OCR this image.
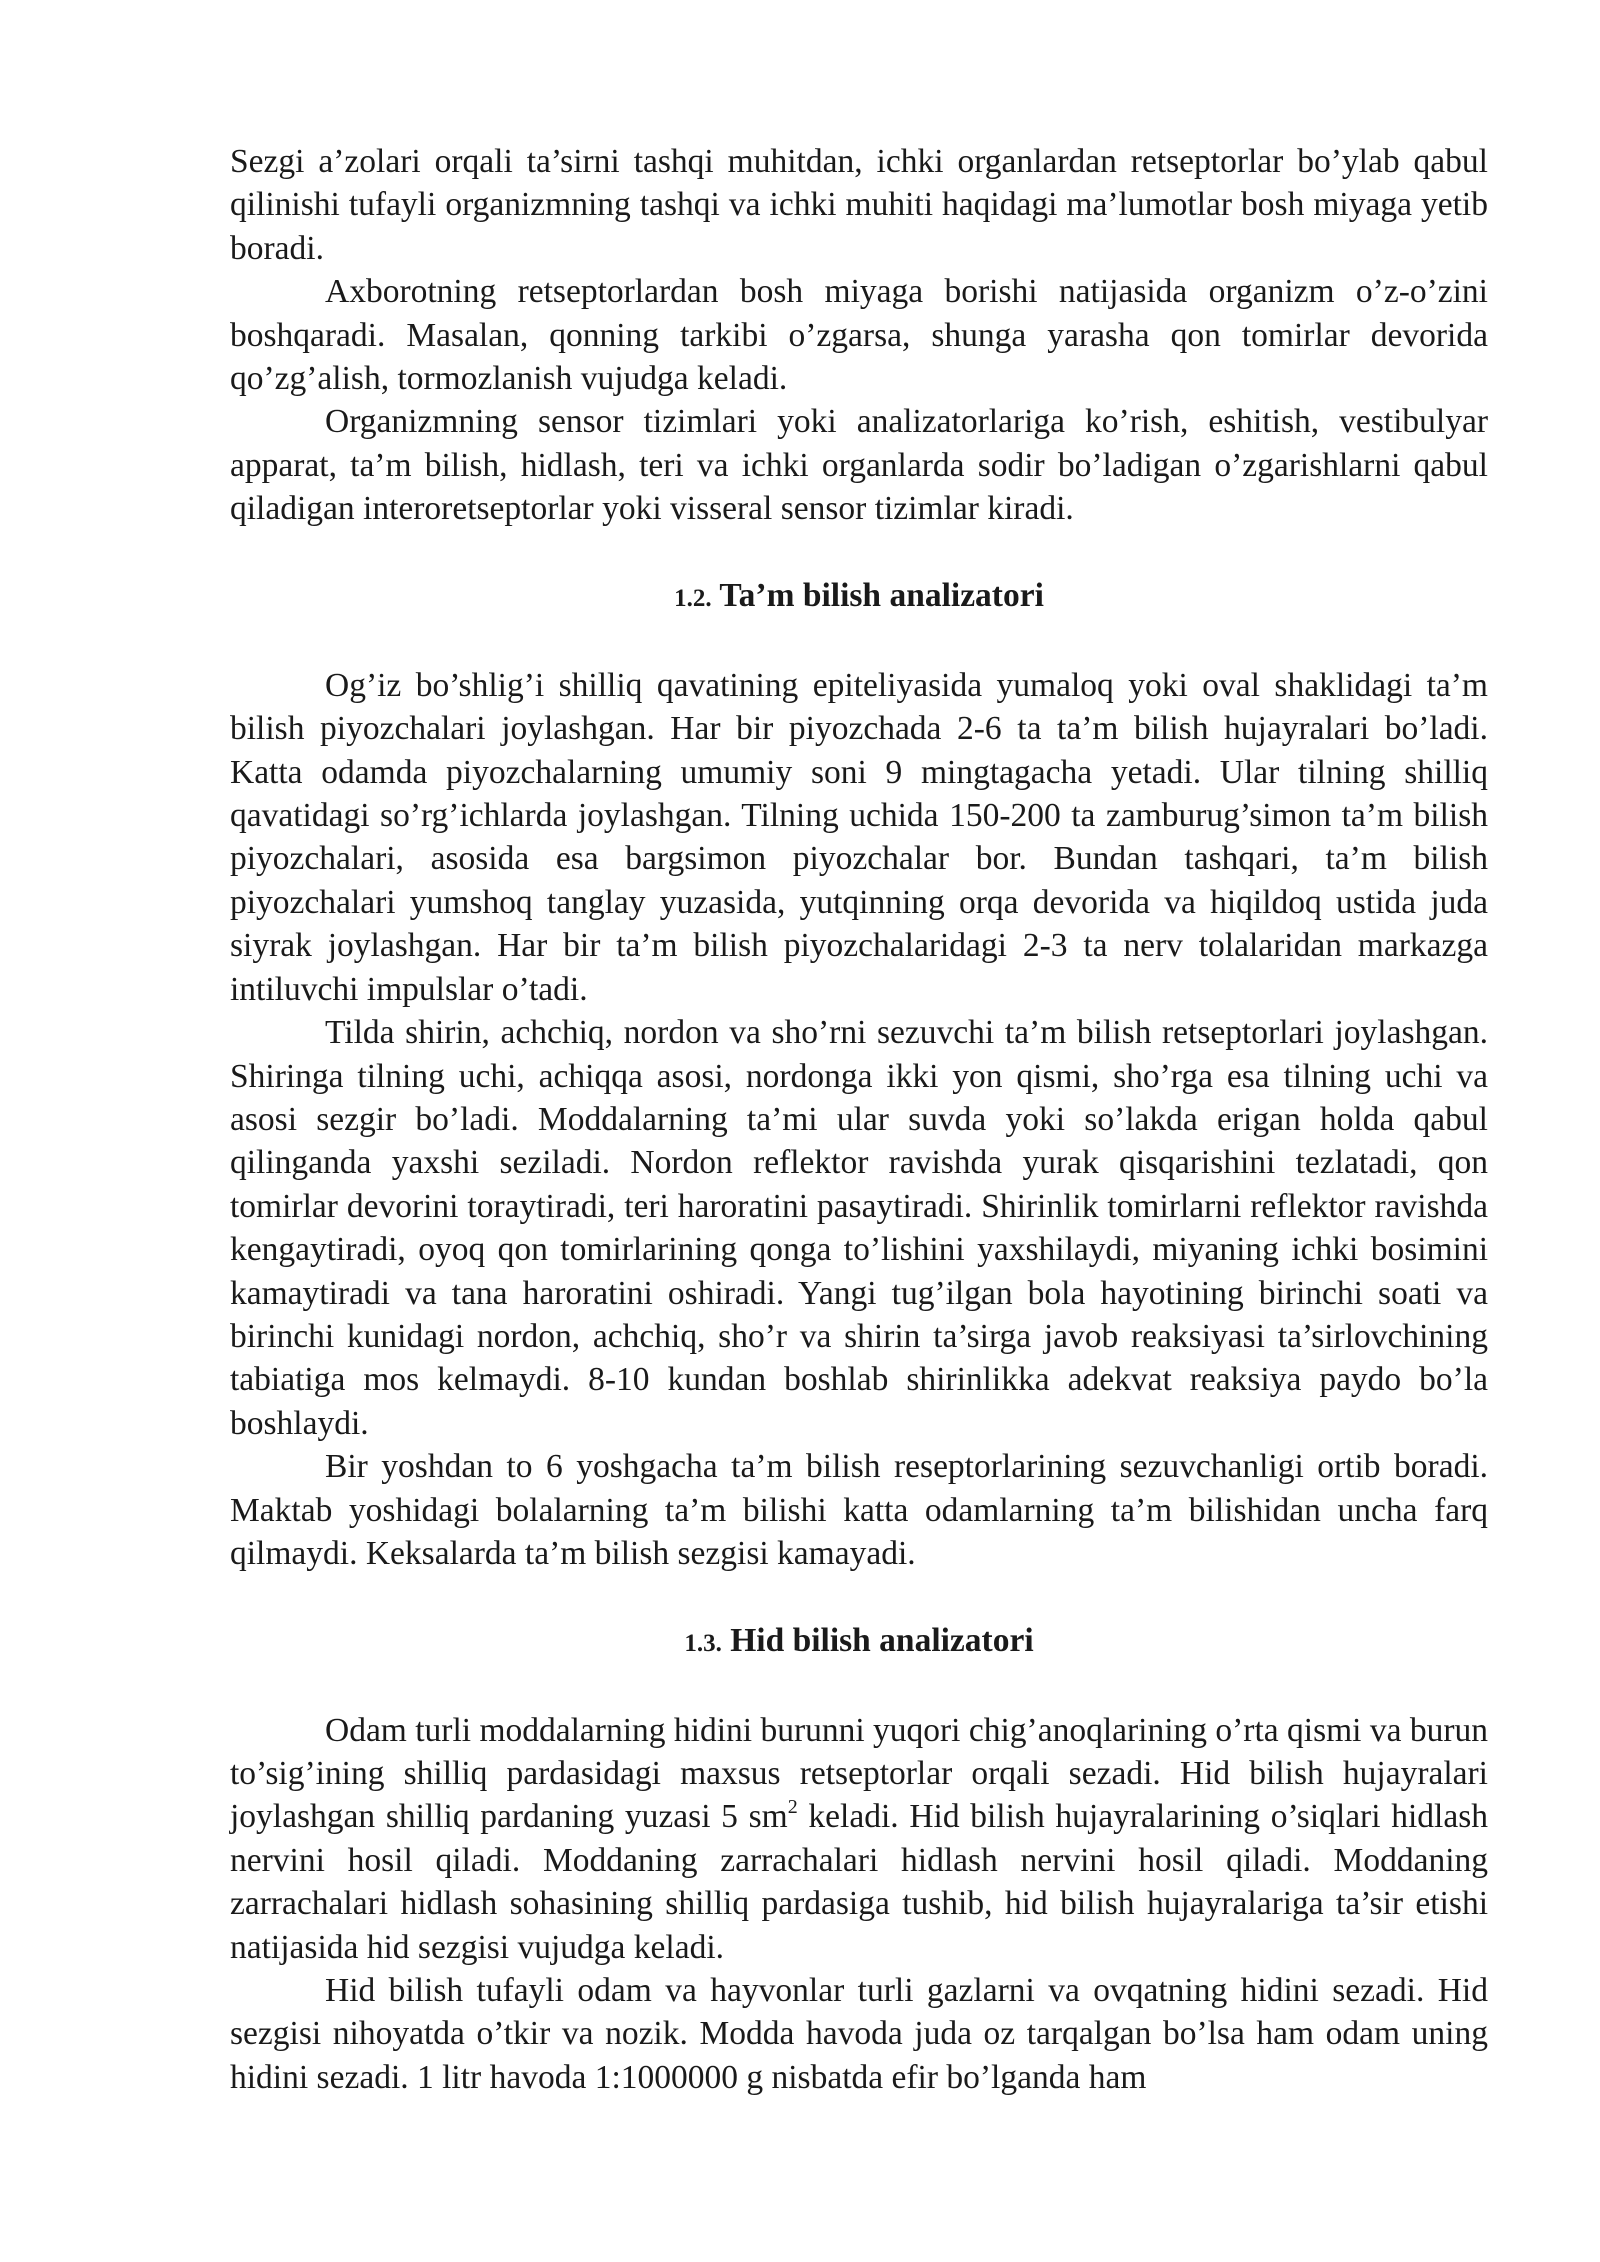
Sezgi a’zolari orqali ta’sirni tashqi muhitdan, ichki organlardan retseptorlar bo’ylab qabul qilinishi tufayli organizmning tashqi va ichki muhiti haqidagi ma’lumotlar bosh miyaga yetib boradi.

Axborotning retseptorlardan bosh miyaga borishi natijasida organizm o’z-o’zini boshqaradi. Masalan, qonning tarkibi o’zgarsa, shunga yarasha qon tomirlar devorida qo’zg’alish, tormozlanish vujudga keladi.

Organizmning sensor tizimlari yoki analizatorlariga ko’rish, eshitish, vestibulyar apparat, ta’m bilish, hidlash, teri va ichki organlarda sodir bo’ladigan o’zgarishlarni qabul qiladigan interoretseptorlar yoki visseral sensor tizimlar kiradi.

1.2. Ta’m bilish analizatori

Og’iz bo’shlig’i shilliq qavatining epiteliyasida yumaloq yoki oval shaklidagi ta’m bilish piyozchalari joylashgan. Har bir piyozchada 2-6 ta ta’m bilish hujayralari bo’ladi. Katta odamda piyozchalarning umumiy soni 9 mingtagacha yetadi. Ular tilning shilliq qavatidagi so’rg’ichlarda joylashgan. Tilning uchida 150-200 ta zamburug’simon ta’m bilish piyozchalari, asosida esa bargsimon piyozchalar bor. Bundan tashqari, ta’m bilish piyozchalari yumshoq tanglay yuzasida, yutqinning orqa devorida va hiqildoq ustida juda siyrak joylashgan. Har bir ta’m bilish piyozchalaridagi 2-3 ta nerv tolalaridan markazga intiluvchi impulslar o’tadi.

Tilda shirin, achchiq, nordon va sho’rni sezuvchi ta’m bilish retseptorlari joylashgan. Shiringa tilning uchi, achiqqa asosi, nordonga ikki yon qismi, sho’rga esa tilning uchi va asosi sezgir bo’ladi. Moddalarning ta’mi ular suvda yoki so’lakda erigan holda qabul qilinganda yaxshi seziladi. Nordon reflektor ravishda yurak qisqarishini tezlatadi, qon tomirlar devorini toraytiradi, teri haroratini pasaytiradi. Shirinlik tomirlarni reflektor ravishda kengaytiradi, oyoq qon tomirlarining qonga to’lishini yaxshilaydi, miyaning ichki bosimini kamaytiradi va tana haroratini oshiradi. Yangi tug’ilgan bola hayotining birinchi soati va birinchi kunidagi nordon, achchiq, sho’r va shirin ta’sirga javob reaksiyasi ta’sirlovchining tabiatiga mos kelmaydi. 8-10 kundan boshlab shirinlikka adekvat reaksiya paydo bo’la boshlaydi.

Bir yoshdan to 6 yoshgacha ta’m bilish reseptorlarining sezuvchanligi ortib boradi. Maktab yoshidagi bolalarning ta’m bilishi katta odamlarning ta’m bilishidan uncha farq qilmaydi. Keksalarda ta’m bilish sezgisi kamayadi.

1.3. Hid bilish analizatori

Odam turli moddalarning hidini burunni yuqori chig’anoqlarining o’rta qismi va burun to’sig’ining shilliq pardasidagi maxsus retseptorlar orqali sezadi. Hid bilish hujayralari joylashgan shilliq pardaning yuzasi 5 $sm^2$ keladi. Hid bilish hujayralarining o’siqlari hidlash nervini hosil qiladi. Moddaning zarrachalari hidlash nervini hosil qiladi. Moddaning zarrachalari hidlash sohasining shilliq pardasiga tushib, hid bilish hujayralariga ta’sir etishi natijasida hid sezgisi vujudga keladi.

Hid bilish tufayli odam va hayvonlar turli gazlarni va ovqatning hidini sezadi. Hid sezgisi nihoyatda o’tkir va nozik. Modda havoda juda oz tarqalgan bo’lsa ham odam uning hidini sezadi. 1 litr havoda 1:1000000 g nisbatda efir bo’lganda ham
